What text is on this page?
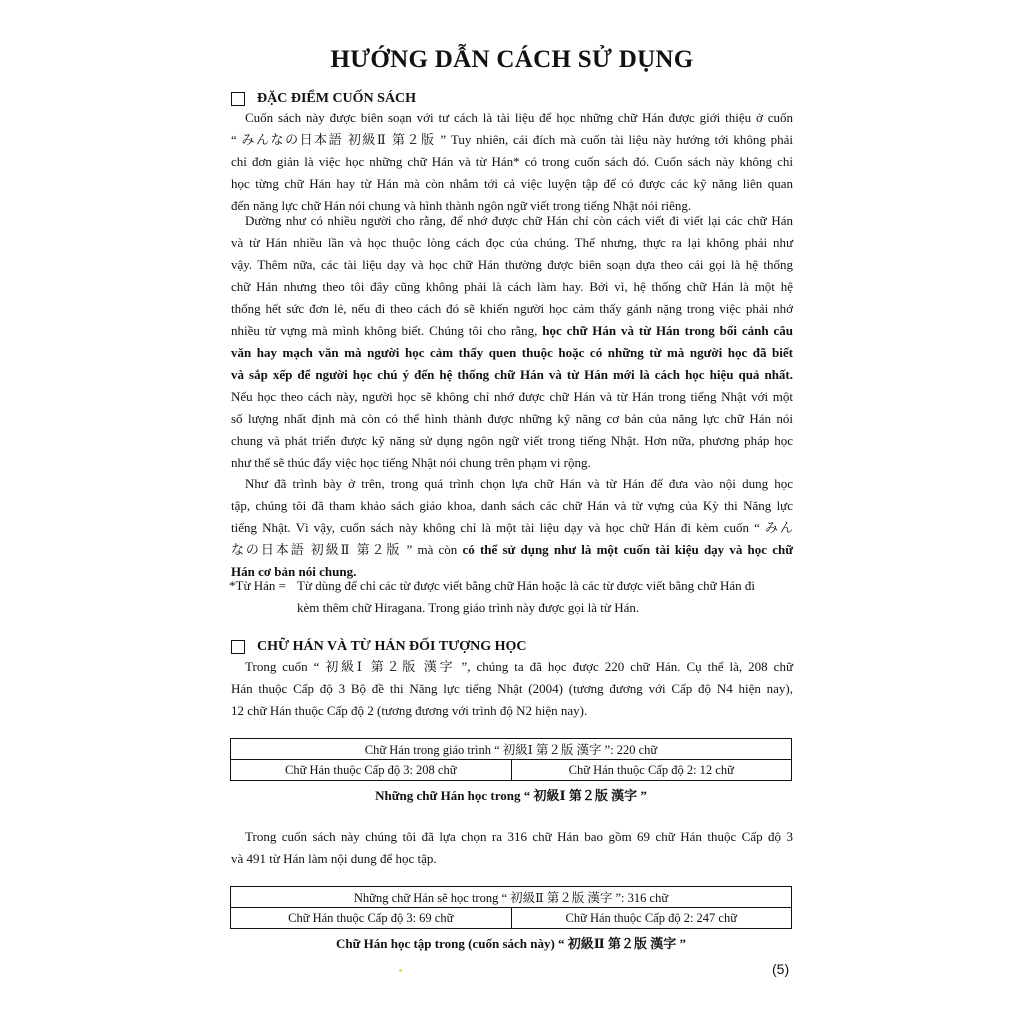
HƯỚNG DẪN CÁCH SỬ DỤNG
ĐẶC ĐIỂM CUỐN SÁCH
Cuốn sách này được biên soạn với tư cách là tài liệu để học những chữ Hán được giới thiệu ở cuốn
“ みんなの日本語 初級Ⅱ 第２版 ” Tuy nhiên, cái đích mà cuốn tài liệu này hướng tới không phải
chỉ đơn giản là việc học những chữ Hán và từ Hán* có trong cuốn sách đó. Cuốn sách này không chỉ
học từng chữ Hán hay từ Hán mà còn nhắm tới cả việc luyện tập để có được các kỹ năng liên quan
đến năng lực chữ Hán nói chung và hình thành ngôn ngữ viết trong tiếng Nhật nói riêng.
Dường như có nhiều người cho rằng, để nhớ được chữ Hán chỉ còn cách viết đi viết lại các chữ Hán
và từ Hán nhiều lần và học thuộc lòng cách đọc của chúng. Thế nhưng, thực ra lại không phải như
vậy. Thêm nữa, các tài liệu dạy và học chữ Hán thường được biên soạn dựa theo cái gọi là hệ thống
chữ Hán nhưng theo tôi đây cũng không phải là cách làm hay. Bởi vì, hệ thống chữ Hán là một hệ
thống hết sức đơn lẻ, nếu đi theo cách đó sẽ khiến người học cảm thấy gánh nặng trong việc phải nhớ
nhiều từ vựng mà mình không biết. Chúng tôi cho rằng, học chữ Hán và từ Hán trong bối cảnh câu
văn hay mạch văn mà người học cảm thấy quen thuộc hoặc có những từ mà người học đã biết
và sắp xếp để người học chú ý đến hệ thống chữ Hán và từ Hán mới là cách học hiệu quả nhất.
Nếu học theo cách này, người học sẽ không chỉ nhớ được chữ Hán và từ Hán trong tiếng Nhật với một
số lượng nhất định mà còn có thể hình thành được những kỹ năng cơ bản của năng lực chữ Hán nói
chung và phát triển được kỹ năng sử dụng ngôn ngữ viết trong tiếng Nhật. Hơn nữa, phương pháp học
như thế sẽ thúc đẩy việc học tiếng Nhật nói chung trên phạm vi rộng.
Như đã trình bày ở trên, trong quá trình chọn lựa chữ Hán và từ Hán để đưa vào nội dung học
tập, chúng tôi đã tham khảo sách giáo khoa, danh sách các chữ Hán và từ vựng của Kỳ thi Năng lực
tiếng Nhật. Vì vậy, cuốn sách này không chỉ là một tài liệu dạy và học chữ Hán đi kèm cuốn “ みん
なの日本語 初級Ⅱ 第２版 ” mà còn có thể sử dụng như là một cuốn tài kiệu dạy và học chữ
Hán cơ bản nói chung.
*Từ Hán = Từ dùng để chỉ các từ được viết bằng chữ Hán hoặc là các từ được viết bằng chữ Hán đi
kèm thêm chữ Hiragana. Trong giáo trình này được gọi là từ Hán.
CHỮ HÁN VÀ TỪ HÁN ĐỐI TƯỢNG HỌC
Trong cuốn “ 初級Ⅰ 第２版 漢字 ”, chúng ta đã học được 220 chữ Hán. Cụ thể là, 208 chữ
Hán thuộc Cấp độ 3 Bộ đề thi Năng lực tiếng Nhật (2004) (tương đương với Cấp độ N4 hiện nay),
12 chữ Hán thuộc Cấp độ 2 (tương đương với trình độ N2 hiện nay).
Chữ Hán trong giáo trình “ 初級Ⅰ 第２版 漢字 ”: 220 chữ
Chữ Hán thuộc Cấp độ 3: 208 chữ	Chữ Hán thuộc Cấp độ 2: 12 chữ
Những chữ Hán học trong “ 初級Ⅰ 第２版 漢字 ”
Trong cuốn sách này chúng tôi đã lựa chọn ra 316 chữ Hán bao gồm 69 chữ Hán thuộc Cấp độ 3
và 491 từ Hán làm nội dung để học tập.
Những chữ Hán sẽ học trong “ 初級Ⅱ 第２版 漢字 ”: 316 chữ
Chữ Hán thuộc Cấp độ 3: 69 chữ	Chữ Hán thuộc Cấp độ 2: 247 chữ
Chữ Hán học tập trong (cuốn sách này) “ 初級Ⅱ 第２版 漢字 ”
(5)
